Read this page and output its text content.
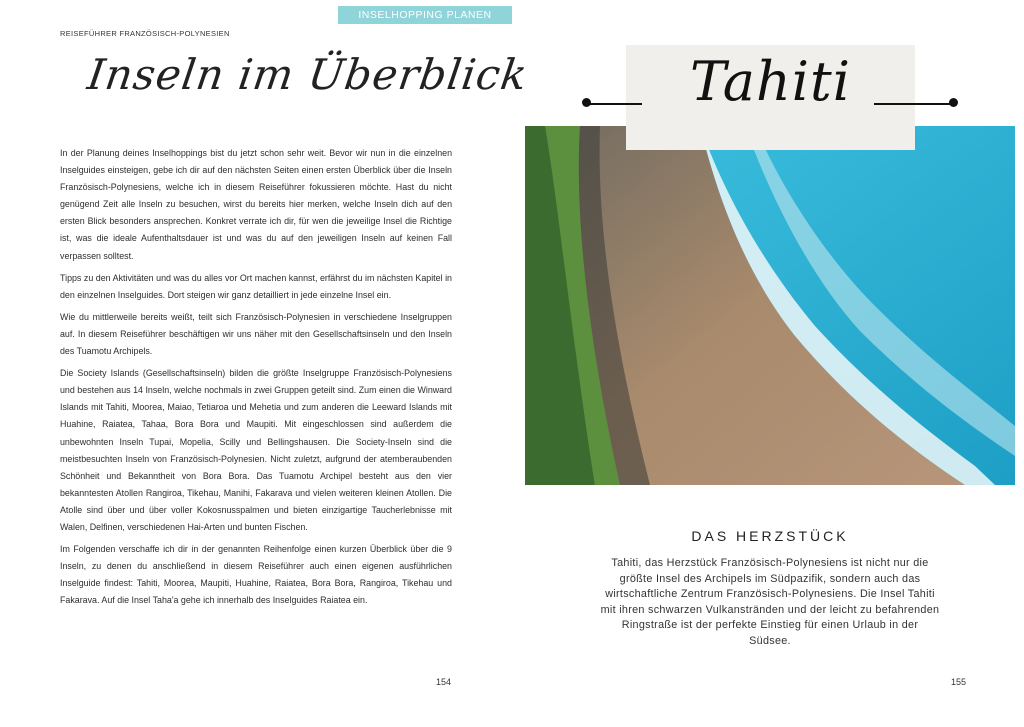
INSELHOPPING PLANEN
REISEFÜHRER FRANZÖSISCH-POLYNESIEN
Inseln im Überblick

In der Planung deines Inselhoppings bist du jetzt schon sehr weit. Bevor wir nun in die einzelnen Inselguides einsteigen, gebe ich dir auf den nächsten Seiten einen ersten Überblick über die Inseln Französisch-Polynesiens, welche ich in diesem Reiseführer fokussieren möchte. Hast du nicht genügend Zeit alle Inseln zu besuchen, wirst du bereits hier merken, welche Inseln dich auf den ersten Blick besonders ansprechen. Konkret verrate ich dir, für wen die jeweilige Insel die Richtige ist, was die ideale Aufenthaltsdauer ist und was du auf den jeweiligen Inseln auf keinen Fall verpassen solltest.

Tipps zu den Aktivitäten und was du alles vor Ort machen kannst, erfährst du im nächsten Kapitel in den einzelnen Inselguides. Dort steigen wir ganz detailliert in jede einzelne Insel ein.

Wie du mittlerweile bereits weißt, teilt sich Französisch-Polynesien in verschiedene Inselgruppen auf. In diesem Reiseführer beschäftigen wir uns näher mit den Gesellschaftsinseln und den Inseln des Tuamotu Archipels.

Die Society Islands (Gesellschaftsinseln) bilden die größte Inselgruppe Französisch-Polynesiens und bestehen aus 14 Inseln, welche nochmals in zwei Gruppen geteilt sind. Zum einen die Winward Islands mit Tahiti, Moorea, Maiao, Tetiaroa und Mehetia und zum anderen die Leeward Islands mit Huahine, Raiatea, Tahaa, Bora Bora und Maupiti. Mit eingeschlossen sind außerdem die unbewohnten Inseln Tupai, Mopelia, Scilly und Bellingshausen. Die Society-Inseln sind die meistbesuchten Inseln von Französisch-Polynesien. Nicht zuletzt, aufgrund der atemberaubenden Schönheit und Bekanntheit von Bora Bora. Das Tuamotu Archipel besteht aus den vier bekanntesten Atollen Rangiroa, Tikehau, Manihi, Fakarava und vielen weiteren kleinen Atollen. Die Atolle sind über und über voller Kokosnusspalmen und bieten einzigartige Taucherlebnisse mit Walen, Delfinen, verschiedenen Hai-Arten und bunten Fischen.

Im Folgenden verschaffe ich dir in der genannten Reihenfolge einen kurzen Überblick über die 9 Inseln, zu denen du anschließend in diesem Reiseführer auch einen eigenen ausführlichen Inselguide findest: Tahiti, Moorea, Maupiti, Huahine, Raiatea, Bora Bora, Rangiroa, Tikehau und Fakarava. Auf die Insel Taha'a gehe ich innerhalb des Inselguides Raiatea ein.

154
Tahiti
DAS HERZSTÜCK
Tahiti, das Herzstück Französisch-Polynesiens ist nicht nur die größte Insel des Archipels im Südpazifik, sondern auch das wirtschaftliche Zentrum Französisch-Polynesiens. Die Insel Tahiti mit ihren schwarzen Vulkanstränden und der leicht zu befahrenden Ringstraße ist der perfekte Einstieg für einen Urlaub in der Südsee.
155
